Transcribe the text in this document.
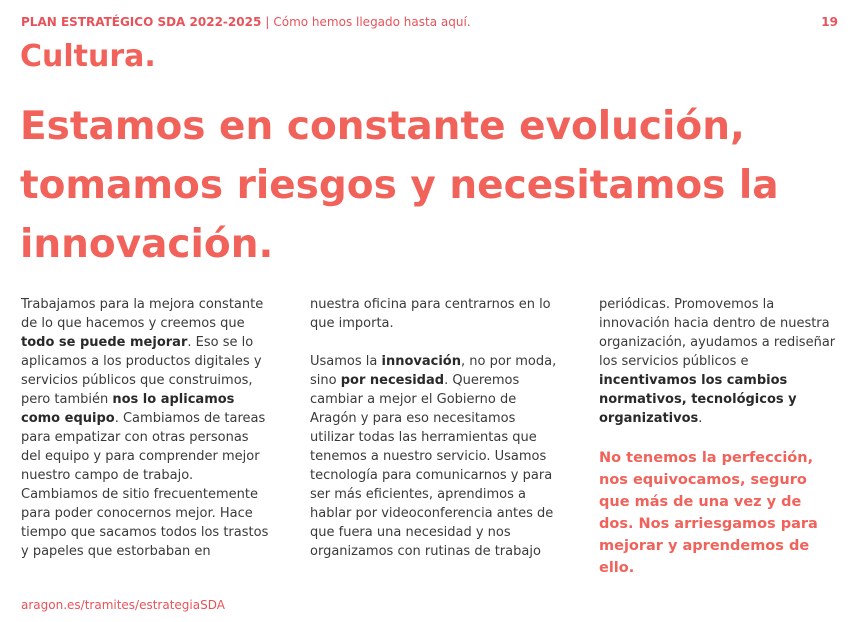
PLAN ESTRATÉGICO SDA 2022-2025 | Cómo hemos llegado hasta aquí.	19
Cultura.
Estamos en constante evolución, tomamos riesgos y necesitamos la innovación.

Trabajamos para la mejora constante de lo que hacemos y creemos que todo se puede mejorar. Eso se lo aplicamos a los productos digitales y servicios públicos que construimos, pero también nos lo aplicamos como equipo. Cambiamos de tareas para empatizar con otras personas del equipo y para comprender mejor nuestro campo de trabajo. Cambiamos de sitio frecuentemente para poder conocernos mejor. Hace tiempo que sacamos todos los trastos y papeles que estorbaban en

nuestra oficina para centrarnos en lo que importa.

Usamos la innovación, no por moda, sino por necesidad. Queremos cambiar a mejor el Gobierno de Aragón y para eso necesitamos utilizar todas las herramientas que tenemos a nuestro servicio. Usamos tecnología para comunicarnos y para ser más eficientes, aprendimos a hablar por videoconferencia antes de que fuera una necesidad y nos organizamos con rutinas de trabajo

periódicas. Promovemos la innovación hacia dentro de nuestra organización, ayudamos a rediseñar los servicios públicos e incentivamos los cambios normativos, tecnológicos y organizativos.

No tenemos la perfección, nos equivocamos, seguro que más de una vez y de dos. Nos arriesgamos para mejorar y aprendemos de ello.

aragon.es/tramites/estrategiaSDA
